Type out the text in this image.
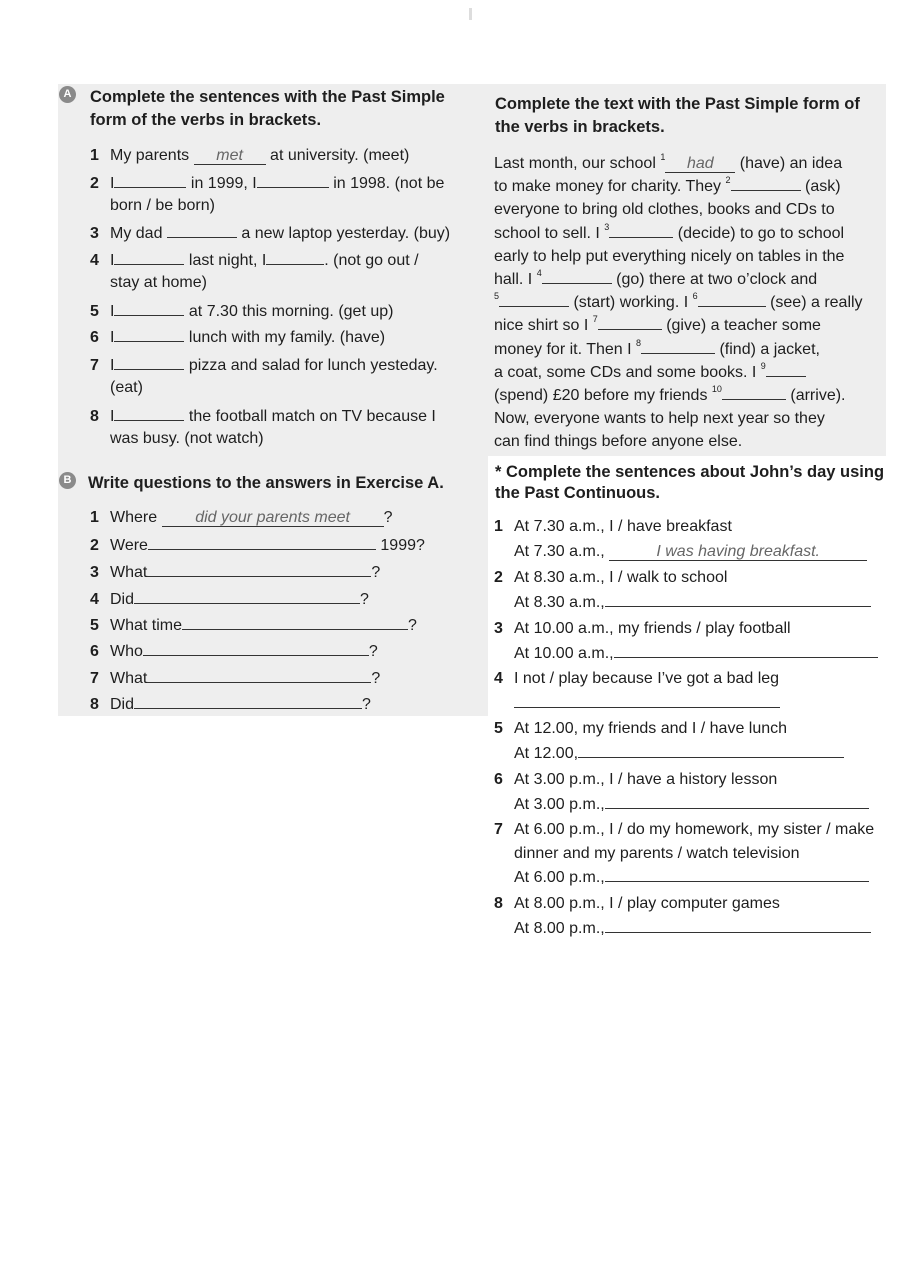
A Complete the sentences with the Past Simple
form of the verbs in brackets.
1 My parents met at university. (meet)
2 I	in 1999, I	in 1998. (not be
born / be born)
3 My dad	a new laptop yesterday. (buy)
4 I	last night, I	. (not go out /
stay at home)
5 I	at 7.30 this morning. (get up)
6 I	lunch with my family. (have)
7 I	pizza and salad for lunch yesteday.
(eat)
8 I	the football match on TV because I
was busy. (not watch)
B Write questions to the answers in Exercise A.
1 Where did your parents meet ?
2 Were	1999?
3 What	?
4 Did	?
5 What time	?
6 Who	?
7 What	?
8 Did	?
Complete the text with the Past Simple form of
the verbs in brackets.
Last month, our school $^1$ had (have) an idea
to make money for charity. They $^2$	(ask)
everyone to bring old clothes, books and CDs to
school to sell. I $^3$	(decide) to go to school
early to help put everything nicely on tables in the
hall. I $^4$	(go) there at two o’clock and
$^5$	(start) working. I $^6$	(see) a really
nice shirt so I $^7$	(give) a teacher some
money for it. Then I $^8$	(find) a jacket,
a coat, some CDs and some books. I $^9$
(spend) £20 before my friends $^{10}$	(arrive).
Now, everyone wants to help next year so they
can find things before anyone else.
* Complete the sentences about John’s day using
the Past Continuous.
1 At 7.30 a.m., I / have breakfast
At 7.30 a.m.,	I was having breakfast.
2 At 8.30 a.m., I / walk to school
At 8.30 a.m.,
3 At 10.00 a.m., my friends / play football
At 10.00 a.m.,
4 I not / play because I’ve got a bad leg
5 At 12.00, my friends and I / have lunch
At 12.00,
6 At 3.00 p.m., I / have a history lesson
At 3.00 p.m.,
7 At 6.00 p.m., I / do my homework, my sister / make
dinner and my parents / watch television
At 6.00 p.m.,
8 At 8.00 p.m., I / play computer games
At 8.00 p.m.,
